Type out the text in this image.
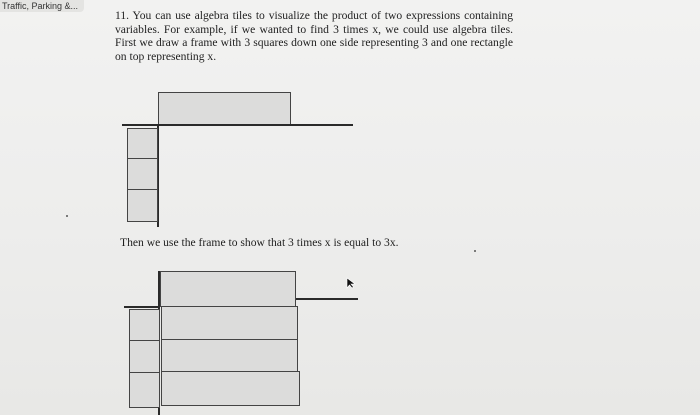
Traffic, Parking &...

11. You can use algebra tiles to visualize the product of two expressions containing variables. For example, if we wanted to find 3 times x, we could use algebra tiles. First we draw a frame with 3 squares down one side representing 3 and one rectangle on top representing x.

Then we use the frame to show that 3 times x is equal to 3x.
